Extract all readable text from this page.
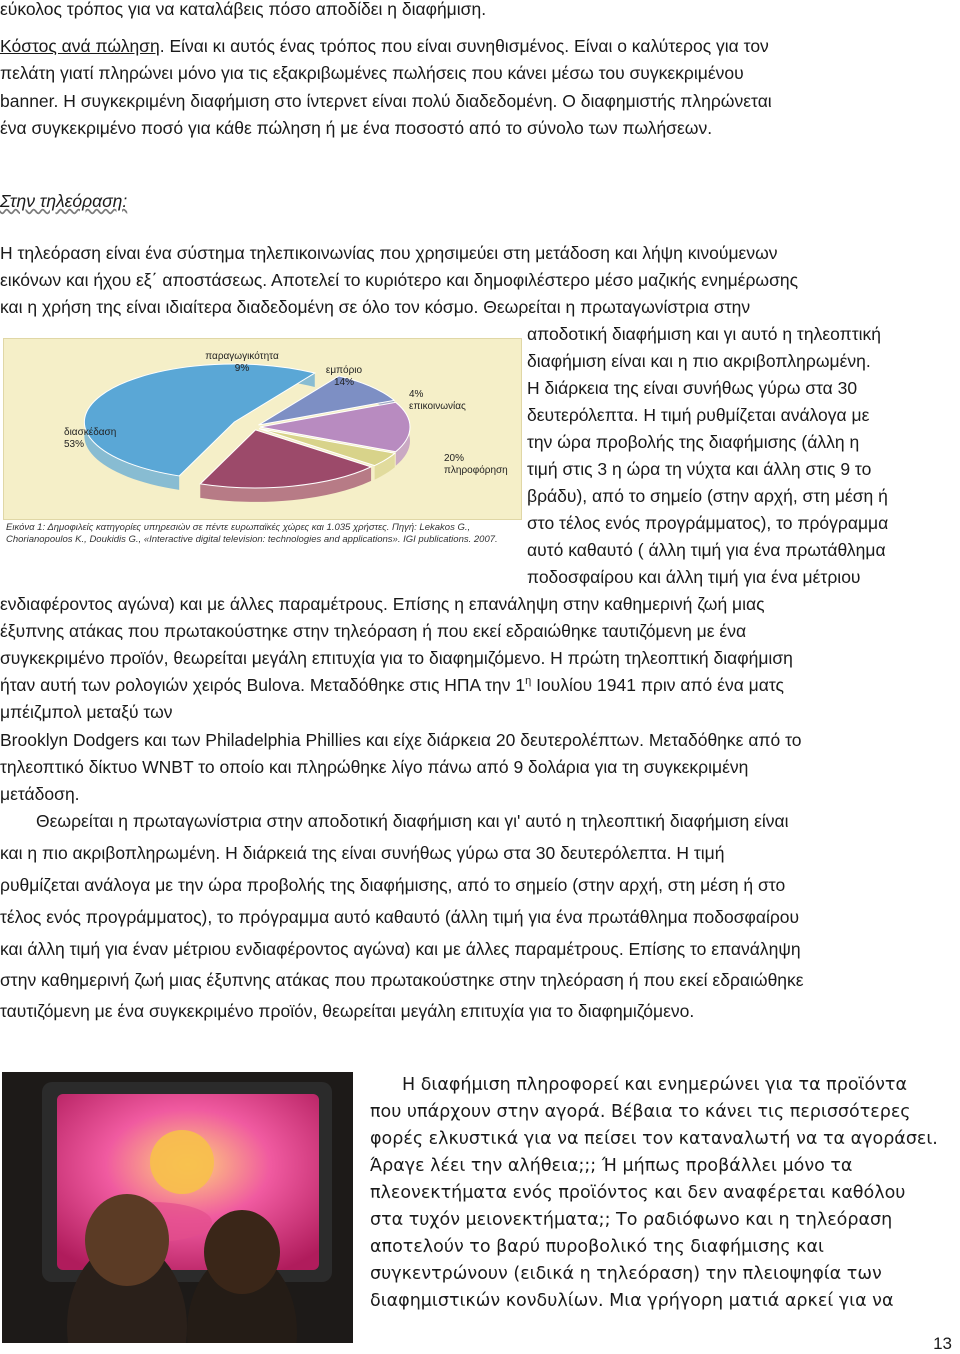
εύκολος τρόπος για να καταλάβεις πόσο αποδίδει η διαφήμιση.
Κόστος ανά πώληση. Είναι κι αυτός ένας τρόπος που είναι συνηθισμένος. Είναι ο καλύτερος για τον
πελάτη γιατί πληρώνει μόνο για τις εξακριβωμένες πωλήσεις που κάνει μέσω του συγκεκριμένου
banner. Η συγκεκριμένη διαφήμιση στο ίντερνετ είναι πολύ διαδεδομένη. Ο διαφημιστής πληρώνεται
ένα συγκεκριμένο ποσό για κάθε πώληση ή με ένα ποσοστό από το σύνολο των πωλήσεων.
Στην τηλεόραση:
Η τηλεόραση είναι ένα σύστημα τηλεπικοινωνίας που χρησιμεύει στη μετάδοση και λήψη κινούμενων
εικόνων και ήχου εξ΄ αποστάσεως. Αποτελεί το κυριότερο και δημοφιλέστερο μέσο μαζικής ενημέρωσης
και η χρήση της είναι ιδιαίτερα διαδεδομένη σε όλο τον κόσμο. Θεωρείται η πρωταγωνίστρια στην
αποδοτική διαφήμιση και γι αυτό η τηλεοπτική
διαφήμιση είναι και η πιο ακριβοπληρωμένη.
Η διάρκεια της είναι συνήθως γύρω στα 30
δευτερόλεπτα. Η τιμή ρυθμίζεται ανάλογα με
την ώρα προβολής της διαφήμισης (άλλη η
τιμή στις 3 η ώρα τη νύχτα και άλλη στις 9 το
βράδυ), από το σημείο (στην αρχή, στη μέση ή
στο τέλος ενός προγράμματος), το πρόγραμμα
αυτό καθαυτό ( άλλη τιμή για ένα πρωτάθλημα
ποδοσφαίρου και άλλη τιμή για ένα μέτριου
διασκέδαση 53%
παραγωγικότητα 9%	εμπόριο 14%
4% επικοινωνίας
20% πληροφόρηση
Εικόνα 1: Δημοφιλείς κατηγορίες υπηρεσιών σε πέντε ευρωπαϊκές χώρες και 1.035 χρήστες. Πηγή: Lekakos G., Chorianopoulos K., Doukidis G., «Interactive digital television: technologies and applications». IGI publications. 2007.
ενδιαφέροντος αγώνα) και με άλλες παραμέτρους. Επίσης η επανάληψη στην καθημερινή ζωή μιας
έξυπνης ατάκας που πρωτακούστηκε στην τηλεόραση ή που εκεί εδραιώθηκε ταυτιζόμενη με ένα
συγκεκριμένο προϊόν, θεωρείται μεγάλη επιτυχία για το διαφημιζόμενο. Η πρώτη τηλεοπτική διαφήμιση
ήταν αυτή των ρολογιών χειρός Bulova. Μεταδόθηκε στις ΗΠΑ την $1^\eta$ Ιουλίου 1941 πριν από ένα ματς
μπέιζμπολ μεταξύ των
Brooklyn Dodgers και των Philadelphia Phillies και είχε διάρκεια 20 δευτερολέπτων. Μεταδόθηκε από το
τηλεοπτικό δίκτυο WNBT το οποίο και πληρώθηκε λίγο πάνω από 9 δολάρια για τη συγκεκριμένη
μετάδοση.
Θεωρείται η πρωταγωνίστρια στην αποδοτική διαφήμιση και γι' αυτό η τηλεοπτική διαφήμιση είναι
και η πιο ακριβοπληρωμένη. Η διάρκειά της είναι συνήθως γύρω στα 30 δευτερόλεπτα. Η τιμή
ρυθμίζεται ανάλογα με την ώρα προβολής της διαφήμισης, από το σημείο (στην αρχή, στη μέση ή στο
τέλος ενός προγράμματος), το πρόγραμμα αυτό καθαυτό (άλλη τιμή για ένα πρωτάθλημα ποδοσφαίρου
και άλλη τιμή για έναν μέτριου ενδιαφέροντος αγώνα) και με άλλες παραμέτρους. Επίσης το επανάληψη
στην καθημερινή ζωή μιας έξυπνης ατάκας που πρωτακούστηκε στην τηλεόραση ή που εκεί εδραιώθηκε
ταυτιζόμενη με ένα συγκεκριμένο προϊόν, θεωρείται μεγάλη επιτυχία για το διαφημιζόμενο.
Η διαφήμιση πληροφορεί και ενημερώνει για τα προϊόντα
που υπάρχουν στην αγορά. Βέβαια το κάνει τις περισσότερες
φορές ελκυστικά για να πείσει τον καταναλωτή να τα αγοράσει.
Άραγε λέει την αλήθεια;;; Ή μήπως προβάλλει μόνο τα
πλεονεκτήματα ενός προϊόντος και δεν αναφέρεται καθόλου
στα τυχόν μειονεκτήματα;; Το ραδιόφωνο και η τηλεόραση
αποτελούν το βαρύ πυροβολικό της διαφήμισης και
συγκεντρώνουν (ειδικά η τηλεόραση) την πλειοψηφία των
διαφημιστικών κονδυλίων. Μια γρήγορη ματιά αρκεί για να
13
